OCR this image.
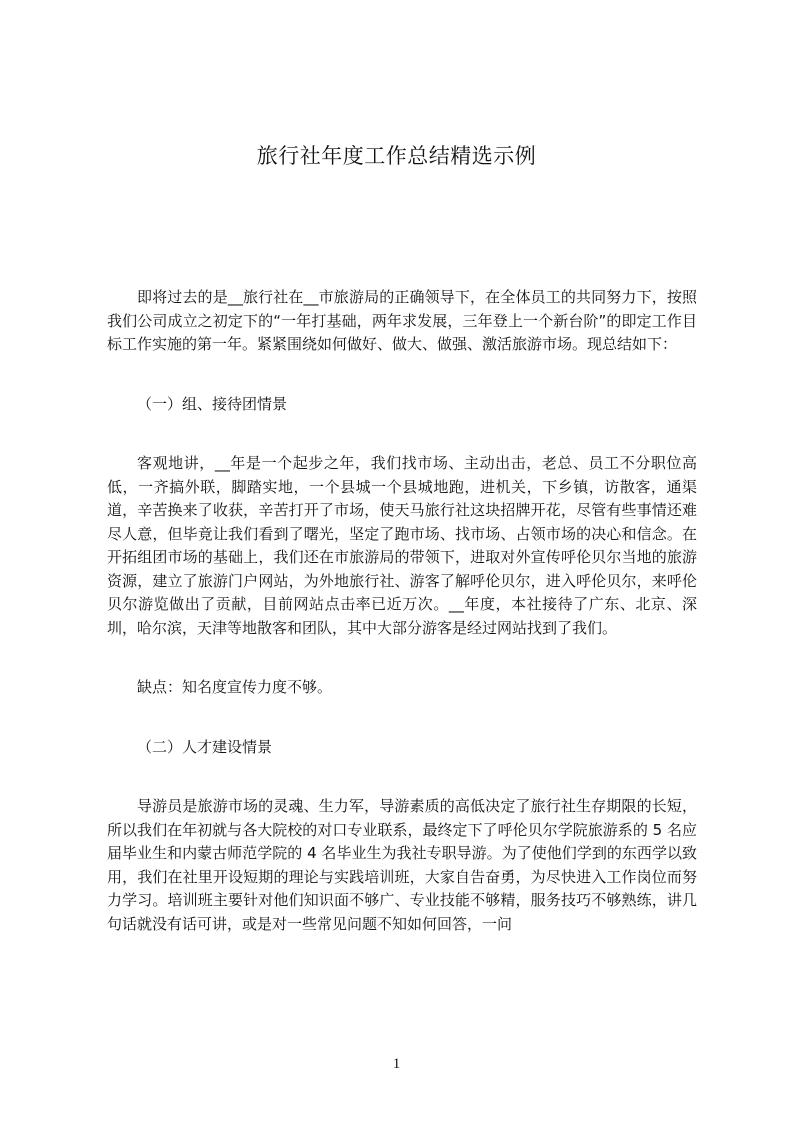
旅行社年度工作总结精选示例

即将过去的是__旅行社在__市旅游局的正确领导下，在全体员工的共同努力下，按照我们公司成立之初定下的“一年打基础，两年求发展，三年登上一个新台阶”的即定工作目标工作实施的第一年。紧紧围绕如何做好、做大、做强、激活旅游市场。现总结如下：

（一）组、接待团情景

客观地讲，__年是一个起步之年，我们找市场、主动出击，老总、员工不分职位高低，一齐搞外联，脚踏实地，一个县城一个县城地跑，进机关，下乡镇，访散客，通渠道，辛苦换来了收获，辛苦打开了市场，使天马旅行社这块招牌开花，尽管有些事情还难尽人意，但毕竟让我们看到了曙光，坚定了跑市场、找市场、占领市场的决心和信念。在开拓组团市场的基础上，我们还在市旅游局的带领下，进取对外宣传呼伦贝尔当地的旅游资源，建立了旅游门户网站，为外地旅行社、游客了解呼伦贝尔，进入呼伦贝尔，来呼伦贝尔游览做出了贡献，目前网站点击率已近万次。__年度，本社接待了广东、北京、深圳，哈尔滨，天津等地散客和团队，其中大部分游客是经过网站找到了我们。

缺点：知名度宣传力度不够。

（二）人才建设情景

导游员是旅游市场的灵魂、生力军，导游素质的高低决定了旅行社生存期限的长短，所以我们在年初就与各大院校的对口专业联系，最终定下了呼伦贝尔学院旅游系的 5 名应届毕业生和内蒙古师范学院的 4 名毕业生为我社专职导游。为了使他们学到的东西学以致用，我们在社里开设短期的理论与实践培训班，大家自告奋勇，为尽快进入工作岗位而努力学习。培训班主要针对他们知识面不够广、专业技能不够精，服务技巧不够熟练，讲几句话就没有话可讲，或是对一些常见问题不知如何回答，一问

1
